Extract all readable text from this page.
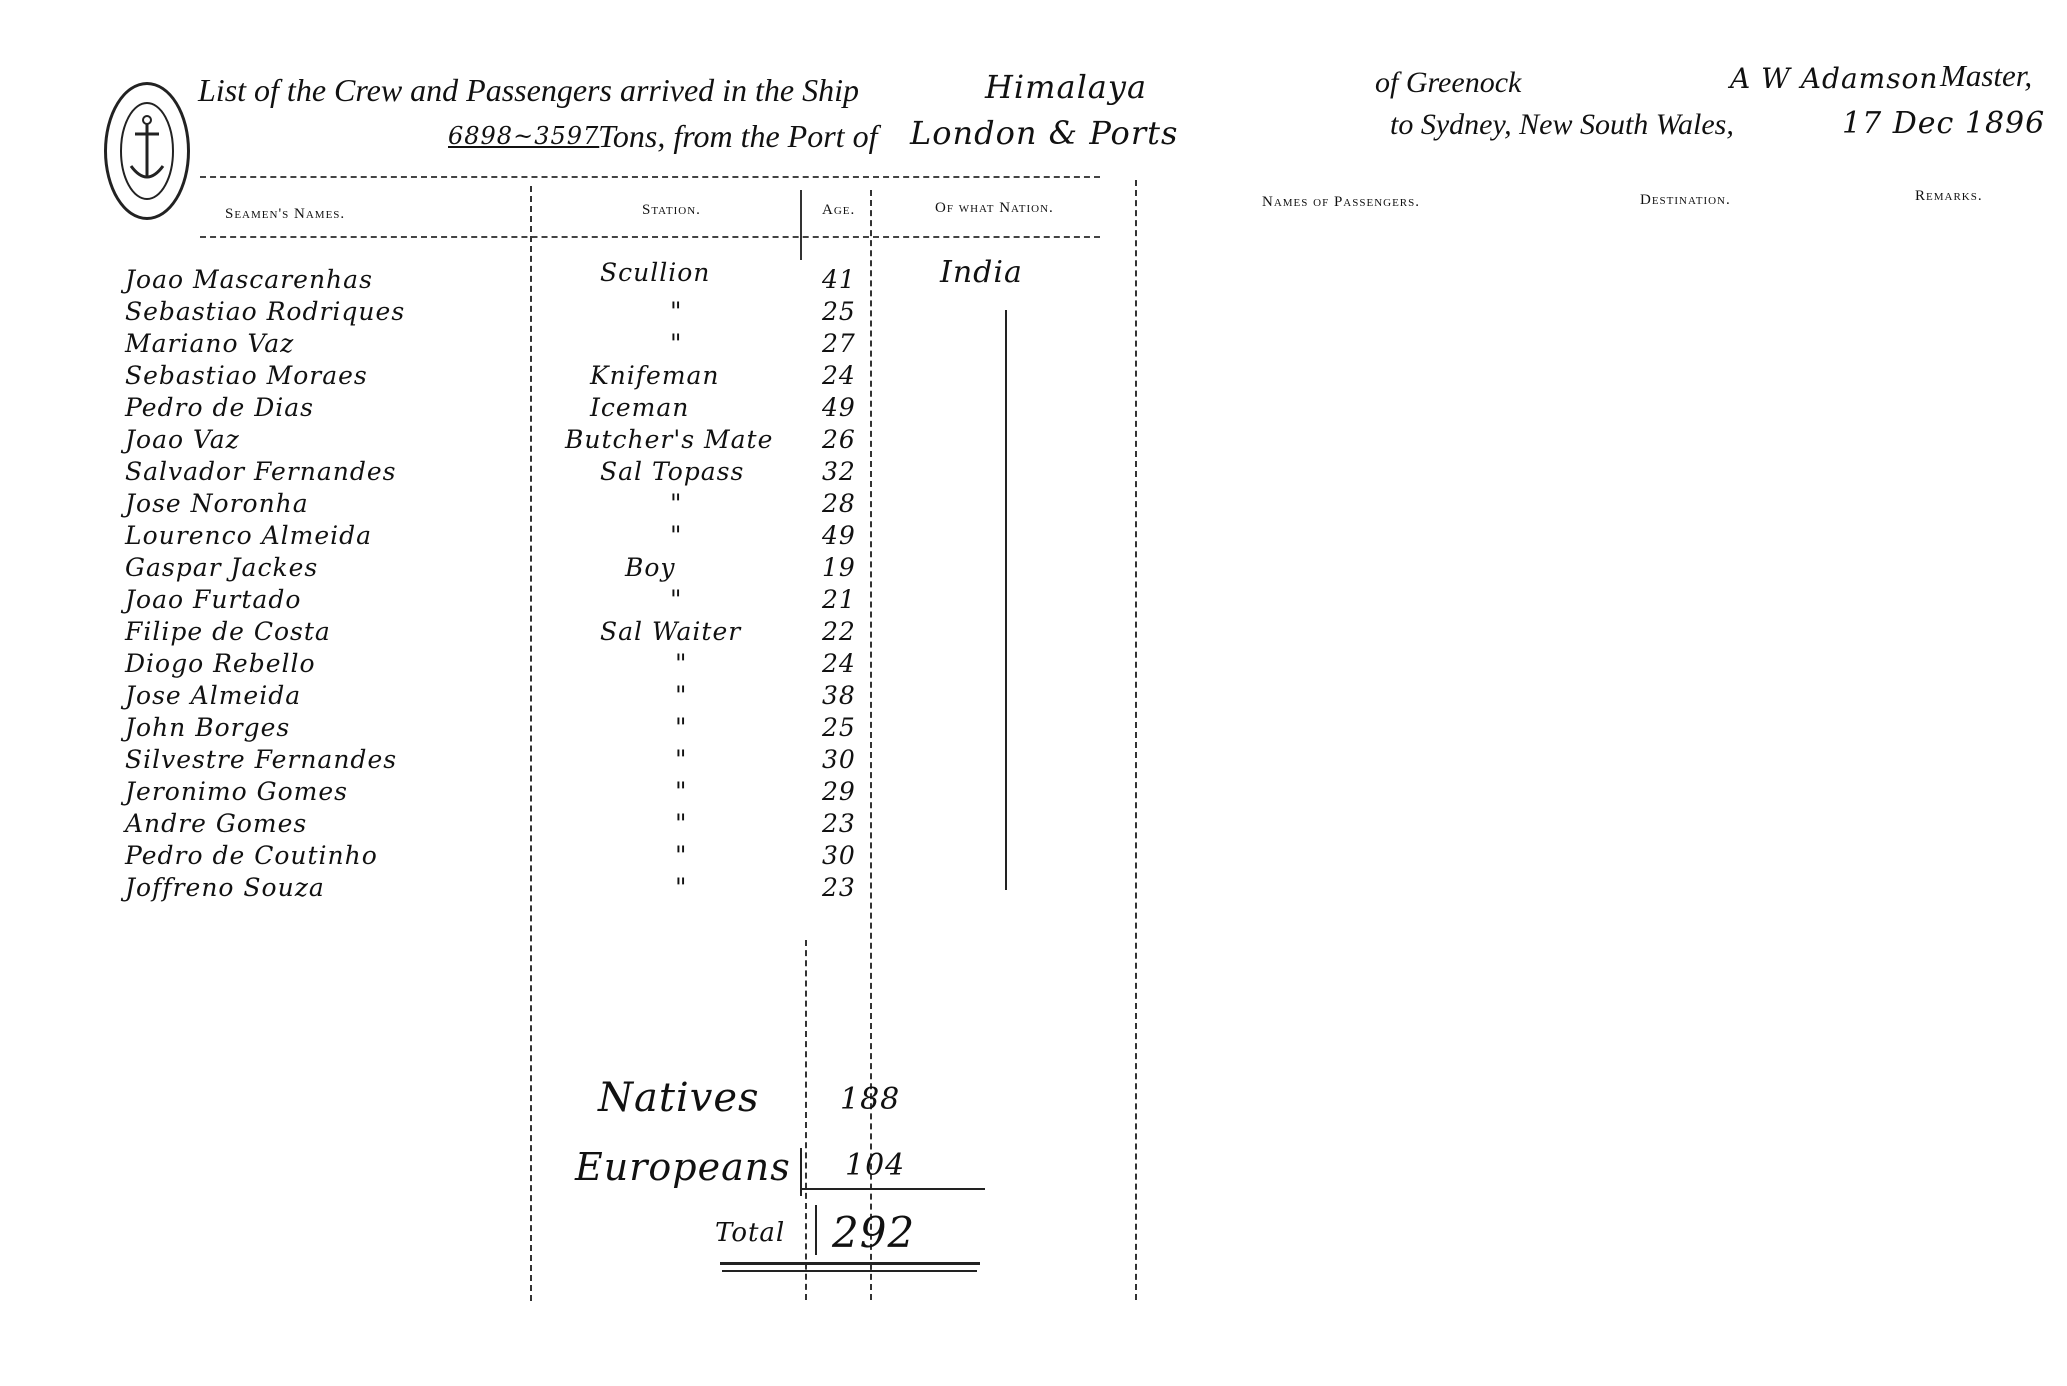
List of the Crew and Passengers arrived in the Ship	Himalaya	of Greenock	A W Adamson Master,
6898~3597
Tons, from the Port of London & Ports	to Sydney, New South Wales,	17 Dec 1896
Seamen's Names.	Station.	Age.	Of what Nation.	Names of Passengers.	Destination.	Remarks.
Joao Mascarenhas	Scullion	41	India
Sebastiao Rodriques	"	25
Mariano Vaz	"	27
Sebastiao Moraes	Knifeman	24
Pedro de Dias	Iceman	49
Joao Vaz	Butcher's Mate 26
Salvador Fernandes	Sal Topass	32
Jose Noronha	"	28
Lourenco Almeida	"	49
Gaspar Jackes	Boy	19
Joao Furtado	"	21
Filipe de Costa	Sal Waiter	22
Diogo Rebello	"	24
Jose Almeida	"	38
John Borges	"	25
Silvestre Fernandes	"	30
Jeronimo Gomes	"	29
Andre Gomes	"	23
Pedro de Coutinho	"	30
Joffreno Souza	"	23
Natives	188
Europeans 104
Total 292
